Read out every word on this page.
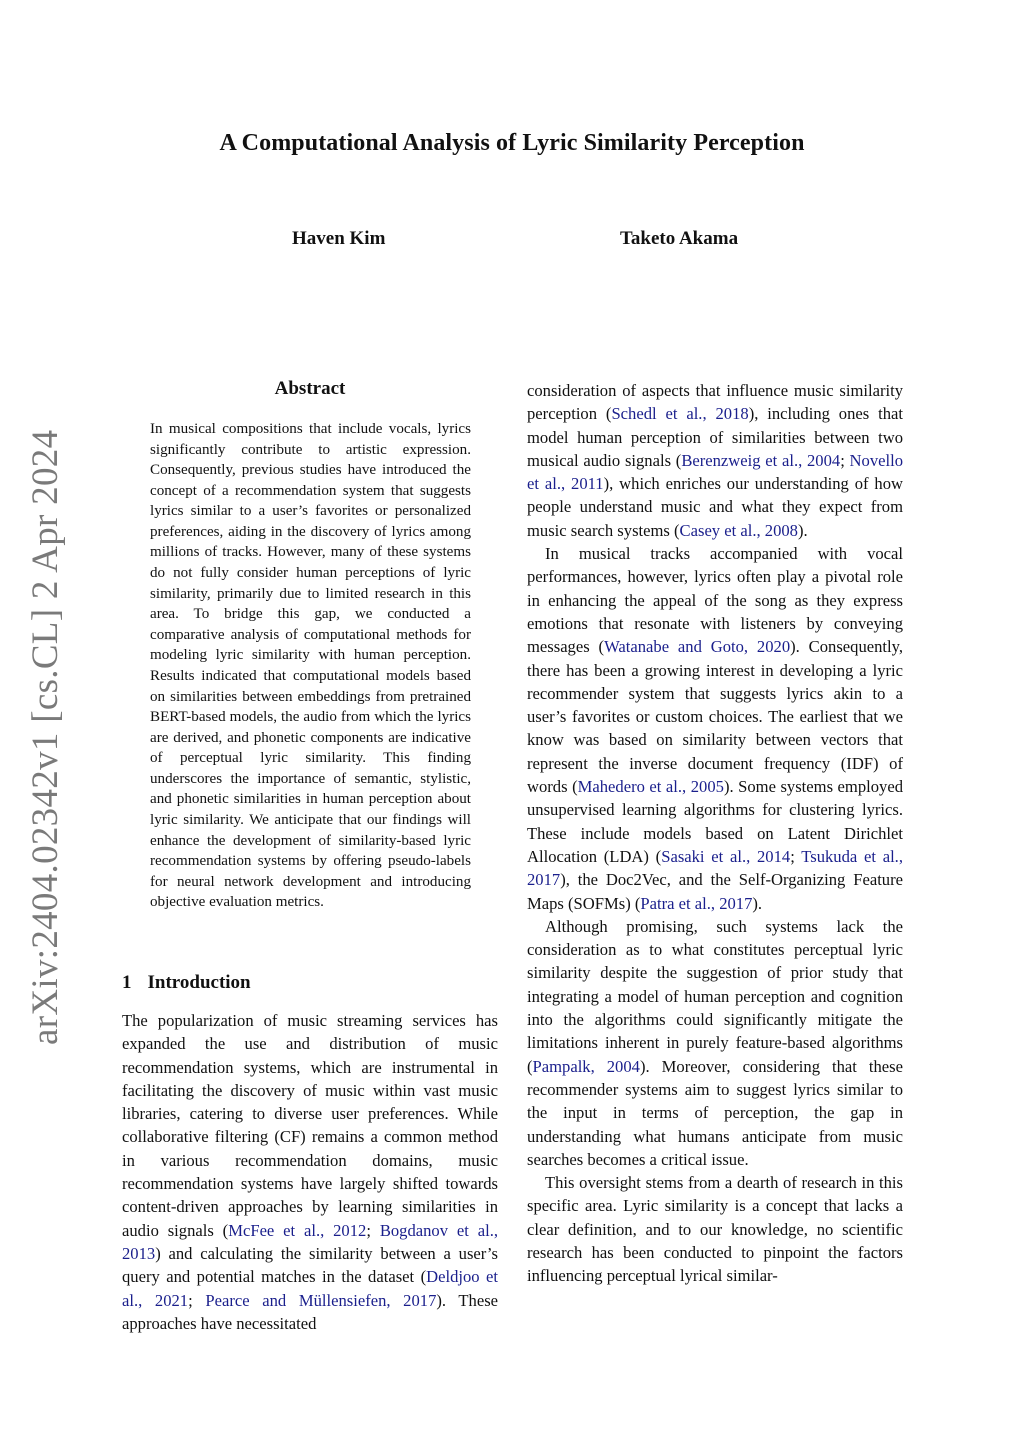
arXiv:2404.02342v1 [cs.CL] 2 Apr 2024
A Computational Analysis of Lyric Similarity Perception
Haven Kim	Taketo Akama
Abstract
In musical compositions that include vocals, lyrics significantly contribute to artistic expression. Consequently, previous studies have introduced the concept of a recommendation system that suggests lyrics similar to a user’s favorites or personalized preferences, aiding in the discovery of lyrics among millions of tracks. However, many of these systems do not fully consider human perceptions of lyric similarity, primarily due to limited research in this area. To bridge this gap, we conducted a comparative analysis of computational methods for modeling lyric similarity with human perception. Results indicated that computational models based on similarities between embeddings from pretrained BERT-based models, the audio from which the lyrics are derived, and phonetic components are indicative of perceptual lyric similarity. This finding underscores the importance of semantic, stylistic, and phonetic similarities in human perception about lyric similarity. We anticipate that our findings will enhance the development of similarity-based lyric recommendation systems by offering pseudo-labels for neural network development and introducing objective evaluation metrics.
1 Introduction

The popularization of music streaming services has expanded the use and distribution of music recommendation systems, which are instrumental in facilitating the discovery of music within vast music libraries, catering to diverse user preferences. While collaborative filtering (CF) remains a common method in various recommendation domains, music recommendation systems have largely shifted towards content-driven approaches by learning similarities in audio signals (McFee et al., 2012; Bogdanov et al., 2013) and calculating the similarity between a user’s query and potential matches in the dataset (Deldjoo et al., 2021; Pearce and Müllensiefen, 2017). These approaches have necessitated

consideration of aspects that influence music similarity perception (Schedl et al., 2018), including ones that model human perception of similarities between two musical audio signals (Berenzweig et al., 2004; Novello et al., 2011), which enriches our understanding of how people understand music and what they expect from music search systems (Casey et al., 2008).

In musical tracks accompanied with vocal performances, however, lyrics often play a pivotal role in enhancing the appeal of the song as they express emotions that resonate with listeners by conveying messages (Watanabe and Goto, 2020). Consequently, there has been a growing interest in developing a lyric recommender system that suggests lyrics akin to a user’s favorites or custom choices. The earliest that we know was based on similarity between vectors that represent the inverse document frequency (IDF) of words (Mahedero et al., 2005). Some systems employed unsupervised learning algorithms for clustering lyrics. These include models based on Latent Dirichlet Allocation (LDA) (Sasaki et al., 2014; Tsukuda et al., 2017), the Doc2Vec, and the Self-Organizing Feature Maps (SOFMs) (Patra et al., 2017).

Although promising, such systems lack the consideration as to what constitutes perceptual lyric similarity despite the suggestion of prior study that integrating a model of human perception and cognition into the algorithms could significantly mitigate the limitations inherent in purely feature-based algorithms (Pampalk, 2004). Moreover, considering that these recommender systems aim to suggest lyrics similar to the input in terms of perception, the gap in understanding what humans anticipate from music searches becomes a critical issue.

This oversight stems from a dearth of research in this specific area. Lyric similarity is a concept that lacks a clear definition, and to our knowledge, no scientific research has been conducted to pinpoint the factors influencing perceptual lyrical similar-
